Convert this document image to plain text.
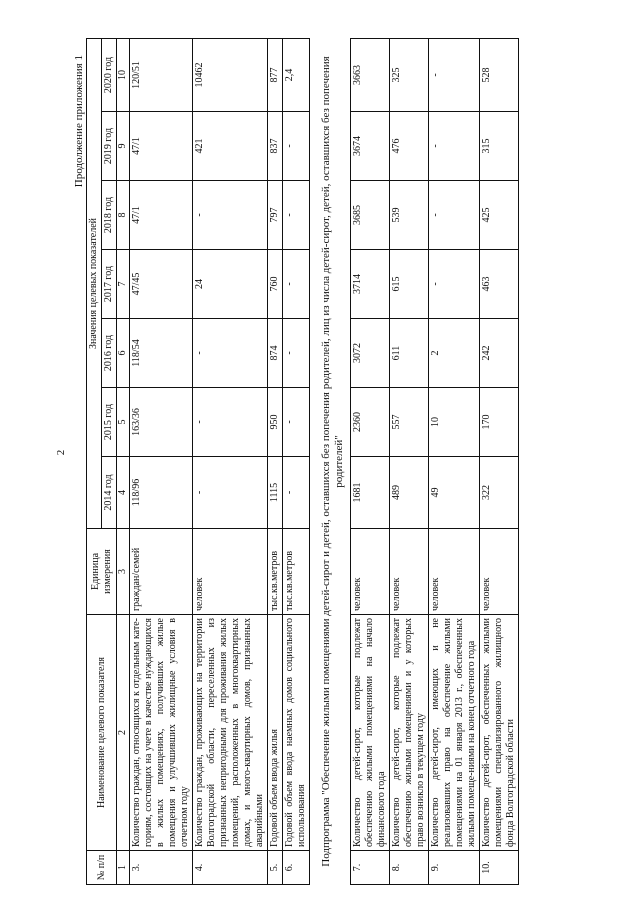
2
Продолжение приложения 1
№ п/п	Наименование целевого показателя	Единица измерения	Значения целевых показателей						
			2014 год	2015 год	2016 год	2017 год	2018 год	2019 год	2020 год
1	2	3	4	5	6	7	8	9	10
3.	Количество граждан, относящихся к отдельным кате-гориям, состоящих на учете в качестве нуждающихся в жилых помещениях, получивших жилые помещения и улучшивших жилищные условия в отчетном году	граждан/семей	118/96	163/36	118/54	47/45	47/1	47/1	120/51
4.	Количество граждан, проживающих на территории Волгоградской области, переселенных из признанных непригодными для проживания жилых помещений, расположенных в многоквартирных домах, и много-квартирных домов, признанных аварийными	человек	-	-	-	24	-	421	10462
5.	Годовой объем ввода жилья	тыс.кв.метров	1115	950	874	760	797	837	877
6.	Годовой объем ввода наемных домов социального использования	тыс.кв.метров	-	-	-	-	-	-	2,4
Подпрограмма "Обеспечение жилыми помещениями детей-сирот и детей, оставшихся без попечения родителей, лиц из числа детей-сирот, детей, оставшихся без попечения родителей"									
7.	Количество детей-сирот, которые подлежат обеспечению жилыми помещениями на начало финансового года	человек	1681	2360	3072	3714	3685	3674	3663
8.	Количество детей-сирот, которые подлежат обеспечению жилыми помещениями и у которых право возникло в текущем году	человек	489	557	611	615	539	476	325
9.	Количество детей-сирот, имеющих и не реализовавших право на обеспечение жилыми помещениями на 01 января 2013 г., обеспеченных жилыми помеще-ниями на конец отчетного года	человек	49	10	2	-	-	-	-
10.	Количество детей-сирот, обеспеченных жилыми помещениями специализированного жилищного фонда Волгоградской области	человек	322	170	242	463	425	315	528
